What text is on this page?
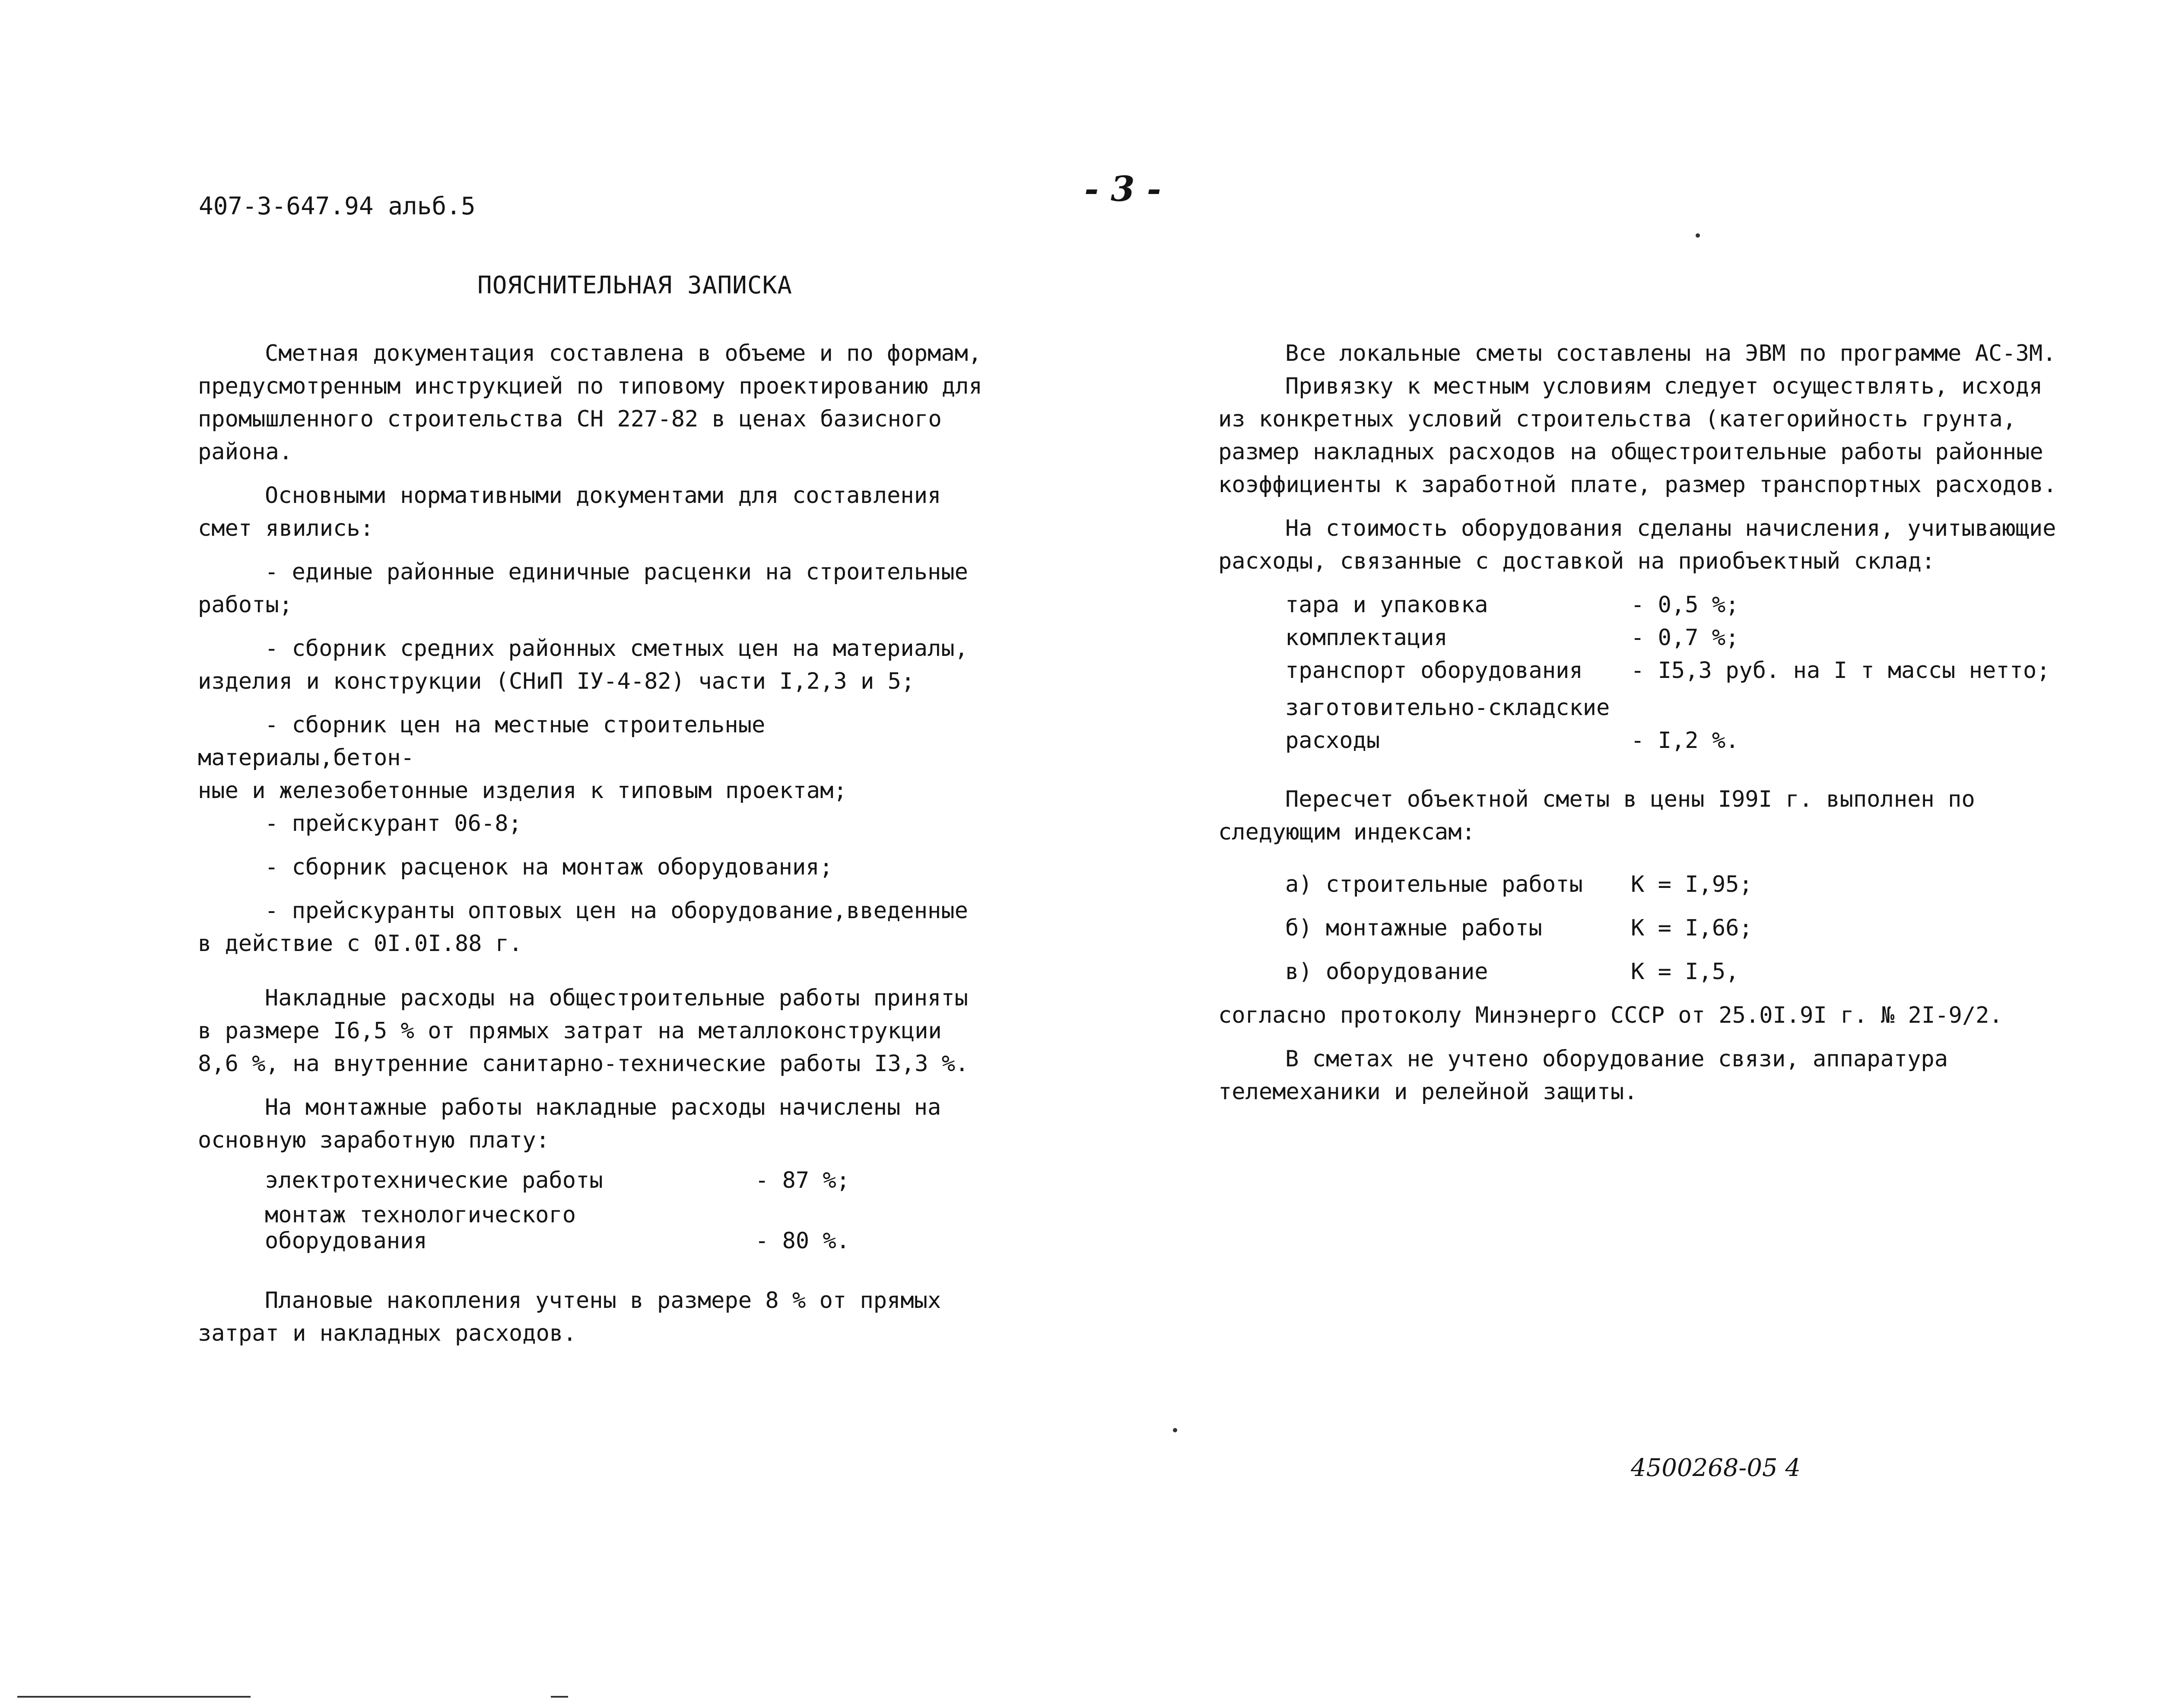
407-3-647.94 альб.5	- 3 -
ПОЯСНИТЕЛЬНАЯ ЗАПИСКА

Сметная документация составлена в объеме и по формам,
предусмотренным инструкцией по типовому проектированию для
промышленного строительства СН 227-82 в ценах базисного
района.

Основными нормативными документами для составления
смет явились:

- единые районные единичные расценки на строительные
работы;

- сборник средних районных сметных цен на материалы,
изделия и конструкции (СНиП IУ-4-82) части I,2,3 и 5;

- сборник цен на местные строительные материалы,бетон-
ные и железобетонные изделия к типовым проектам;

- прейскурант 06-8;

- сборник расценок на монтаж оборудования;

- прейскуранты оптовых цен на оборудование,введенные
в действие с 0I.0I.88 г.

Накладные расходы на общестроительные работы приняты
в размере I6,5 % от прямых затрат на металлоконструкции
8,6 %, на внутренние санитарно-технические работы I3,3 %.

На монтажные работы накладные расходы начислены на
основную заработную плату:

электротехнические работы	- 87 %;
монтаж технологического
оборудования	- 80 %.

Плановые накопления учтены в размере 8 % от прямых
затрат и накладных расходов.

Все локальные сметы составлены на ЭВМ по программе АС-3М.

Привязку к местным условиям следует осуществлять, исходя
из конкретных условий строительства (категорийность грунта,
размер накладных расходов на общестроительные работы районные
коэффициенты к заработной плате, размер транспортных расходов.

На стоимость оборудования сделаны начисления, учитывающие
расходы, связанные с доставкой на приобъектный склад:

тара и упаковка	- 0,5 %;
комплектация	- 0,7 %;
транспорт оборудования	- I5,3 руб. на I т массы нетто;
заготовительно-складские
расходы	- I,2 %.

Пересчет объектной сметы в цены I99I г. выполнен по
следующим индексам:

а) строительные работы	К = I,95;
б) монтажные работы	К = I,66;
в) оборудование	К = I,5,

согласно протоколу Минэнерго СССР от 25.0I.9I г. № 2I-9/2.

В сметах не учтено оборудование связи, аппаратура
телемеханики и релейной защиты.

4500268-05 4
